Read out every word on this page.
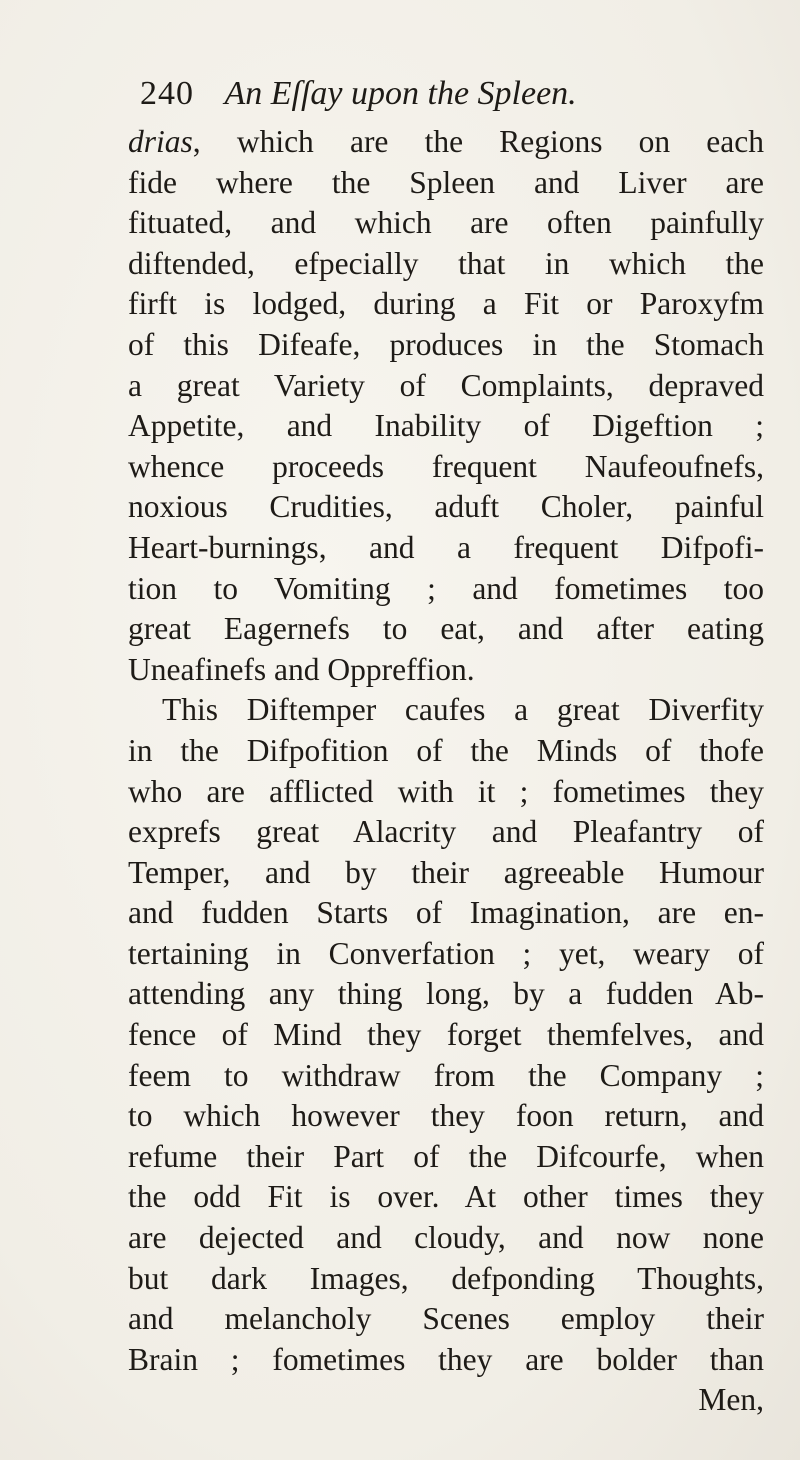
240 An Eſſay upon the Spleen.
drias, which are the Regions on each
fide where the Spleen and Liver are
fituated, and which are often painfully
diftended, efpecially that in which the
firft is lodged, during a Fit or Paroxyfm
of this Difeafe, produces in the Stomach
a great Variety of Complaints, depraved
Appetite, and Inability of Digeftion ;
whence proceeds frequent Naufeoufnefs,
noxious Crudities, aduft Choler, painful
Heart-burnings, and a frequent Difpofi-
tion to Vomiting ; and fometimes too
great Eagernefs to eat, and after eating
Uneafinefs and Oppreffion.
This Diftemper caufes a great Diverfity
in the Difpofition of the Minds of thofe
who are afflicted with it ; fometimes they
exprefs great Alacrity and Pleafantry of
Temper, and by their agreeable Humour
and fudden Starts of Imagination, are en-
tertaining in Converfation ; yet, weary of
attending any thing long, by a fudden Ab-
fence of Mind they forget themfelves, and
feem to withdraw from the Company ;
to which however they foon return, and
refume their Part of the Difcourfe, when
the odd Fit is over. At other times they
are dejected and cloudy, and now none
but dark Images, defponding Thoughts,
and melancholy Scenes employ their
Brain ; fometimes they are bolder than
Men,
